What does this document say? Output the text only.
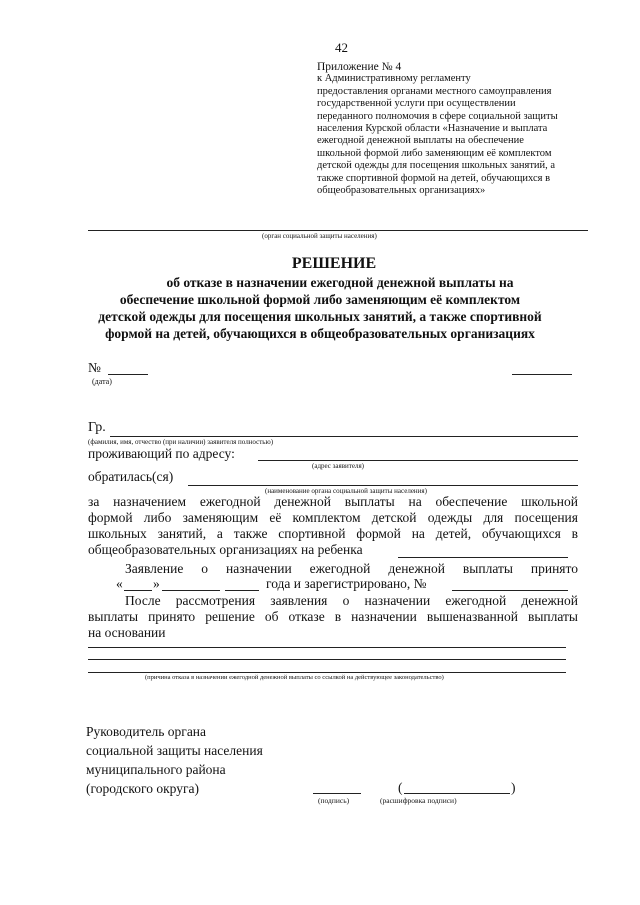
42
Приложение № 4
к Административному регламенту
предоставления органами местного самоуправления
государственной услуги при осуществлении
переданного полномочия в сфере социальной защиты
населения Курской области «Назначение и выплата
ежегодной денежной выплаты на обеспечение
школьной формой либо заменяющим её комплектом
детской одежды для посещения школьных занятий, а
также спортивной формой на детей, обучающихся в
общеобразовательных организациях»
(орган социальной защиты населения)
РЕШЕНИЕ
об отказе в назначении ежегодной денежной выплаты на
обеспечение школьной формой либо заменяющим её комплектом
детской одежды для посещения школьных занятий, а также спортивной
формой на детей, обучающихся в общеобразовательных организациях
№
(дата)
Гр.
(фамилия, имя, отчество (при наличии) заявителя полностью)
проживающий по адресу:
(адрес заявителя)
обратилась(ся)
(наименование органа социальной защиты населения)
за назначением ежегодной денежной выплаты на обеспечение школьной
формой либо заменяющим её комплектом детской одежды для посещения
школьных занятий, а также спортивной формой на детей, обучающихся в
общеобразовательных организациях на ребенка
Заявление о назначении ежегодной денежной выплаты принято
« »	года и зарегистрировано, №
После рассмотрения заявления о назначении ежегодной денежной
выплаты принято решение об отказе в назначении вышеназванной выплаты
на основании
(причина отказа в назначении ежегодной денежной выплаты со ссылкой на действующее законодательство)
Руководитель органа
социальной защиты населения
муниципального района
(городского округа)
(подпись)
(	)
(расшифровка подписи)
